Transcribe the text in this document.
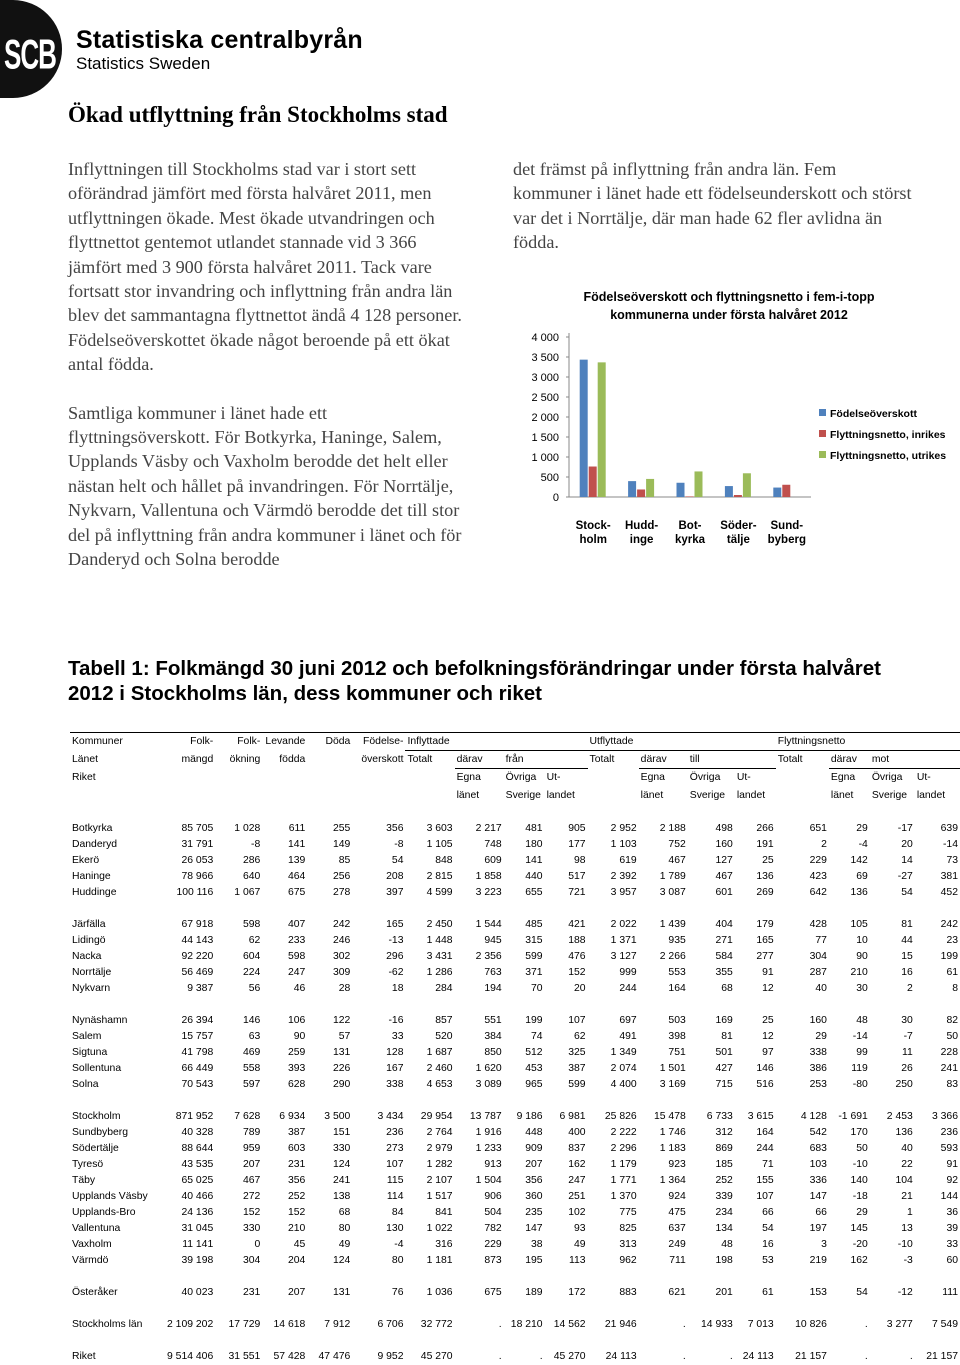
SCB Statistiska centralbyrån
Statistics Sweden
Ökad utflyttning från Stockholms stad

Inflyttningen till Stockholms stad var i stort sett oförändrad jämfört med första halvåret 2011, men utflyttningen ökade. Mest ökade utvandringen och flyttnettot gentemot utlandet stannade vid 3 366 jämfört med 3 900 första halvåret 2011. Tack vare fortsatt stor invandring och inflyttning från andra län blev det sammantagna flyttnettot ändå 4 128 personer. Födelseöverskottet ökade något beroende på ett ökat antal födda.

Samtliga kommuner i länet hade ett flyttningsöverskott. För Botkyrka, Haninge, Salem, Upplands Väsby och Vaxholm berodde det helt eller nästan helt och hållet på invandringen. För Norrtälje, Nykvarn, Vallentuna och Värmdö berodde det till stor del på inflyttning från andra kommuner i länet och för Danderyd och Solna berodde

det främst på inflyttning från andra län. Fem kommuner i länet hade ett födelseunderskott och störst var det i Norrtälje, där man hade 62 fler avlidna än födda.

Födelseöverskott och flyttningsnetto i fem-i-topp
kommunerna under första halvåret 2012
0
500
1 000
1 500
2 000
2 500
3 000
3 500
4 000
Stock-
holm
Hudd-
inge
Bot-
kyrka
Söder-
tälje
Sund-
byberg
Födelseöverskott
Flyttningsnetto, inrikes
Flyttningsnetto, utrikes
Tabell 1: Folkmängd 30 juni 2012 och befolkningsförändringar under första halvåret 2012 i Stockholms län, dess kommuner och riket
Kommuner	Folk-	Folk-	Levande	Döda	Födelse-	Inflyttade				Utflyttade				Flyttningsnetto			
Länet	mängd	ökning	födda		överskott	Totalt	därav	från		Totalt	därav	till		Totalt	därav	mot	
Riket							Egna	Övriga	Ut-		Egna	Övriga	Ut-		Egna	Övriga	Ut-
							länet	Sverige	landet		länet	Sverige	landet		länet	Sverige	landet

Botkyrka	85 705	1 028	611	255	356	3 603	2 217	481	905	2 952	2 188	498	266	651	29	-17	639
Danderyd	31 791	-8	141	149	-8	1 105	748	180	177	1 103	752	160	191	2	-4	20	-14
Ekerö	26 053	286	139	85	54	848	609	141	98	619	467	127	25	229	142	14	73
Haninge	78 966	640	464	256	208	2 815	1 858	440	517	2 392	1 789	467	136	423	69	-27	381
Huddinge	100 116	1 067	675	278	397	4 599	3 223	655	721	3 957	3 087	601	269	642	136	54	452

Järfälla	67 918	598	407	242	165	2 450	1 544	485	421	2 022	1 439	404	179	428	105	81	242
Lidingö	44 143	62	233	246	-13	1 448	945	315	188	1 371	935	271	165	77	10	44	23
Nacka	92 220	604	598	302	296	3 431	2 356	599	476	3 127	2 266	584	277	304	90	15	199
Norrtälje	56 469	224	247	309	-62	1 286	763	371	152	999	553	355	91	287	210	16	61
Nykvarn	9 387	56	46	28	18	284	194	70	20	244	164	68	12	40	30	2	8

Nynäshamn	26 394	146	106	122	-16	857	551	199	107	697	503	169	25	160	48	30	82
Salem	15 757	63	90	57	33	520	384	74	62	491	398	81	12	29	-14	-7	50
Sigtuna	41 798	469	259	131	128	1 687	850	512	325	1 349	751	501	97	338	99	11	228
Sollentuna	66 449	558	393	226	167	2 460	1 620	453	387	2 074	1 501	427	146	386	119	26	241
Solna	70 543	597	628	290	338	4 653	3 089	965	599	4 400	3 169	715	516	253	-80	250	83

Stockholm	871 952	7 628	6 934	3 500	3 434	29 954	13 787	9 186	6 981	25 826	15 478	6 733	3 615	4 128	-1 691	2 453	3 366
Sundbyberg	40 328	789	387	151	236	2 764	1 916	448	400	2 222	1 746	312	164	542	170	136	236
Södertälje	88 644	959	603	330	273	2 979	1 233	909	837	2 296	1 183	869	244	683	50	40	593
Tyresö	43 535	207	231	124	107	1 282	913	207	162	1 179	923	185	71	103	-10	22	91
Täby	65 025	467	356	241	115	2 107	1 504	356	247	1 771	1 364	252	155	336	140	104	92
Upplands Väsby	40 466	272	252	138	114	1 517	906	360	251	1 370	924	339	107	147	-18	21	144
Upplands-Bro	24 136	152	152	68	84	841	504	235	102	775	475	234	66	66	29	1	36
Vallentuna	31 045	330	210	80	130	1 022	782	147	93	825	637	134	54	197	145	13	39
Vaxholm	11 141	0	45	49	-4	316	229	38	49	313	249	48	16	3	-20	-10	33
Värmdö	39 198	304	204	124	80	1 181	873	195	113	962	711	198	53	219	162	-3	60

Österåker	40 023	231	207	131	76	1 036	675	189	172	883	621	201	61	153	54	-12	111

Stockholms län	2 109 202	17 729	14 618	7 912	6 706	32 772	.	18 210	14 562	21 946	.	14 933	7 013	10 826	.	3 277	7 549

Riket	9 514 406	31 551	57 428	47 476	9 952	45 270	.	.	45 270	24 113	.	.	24 113	21 157	.	.	21 157
